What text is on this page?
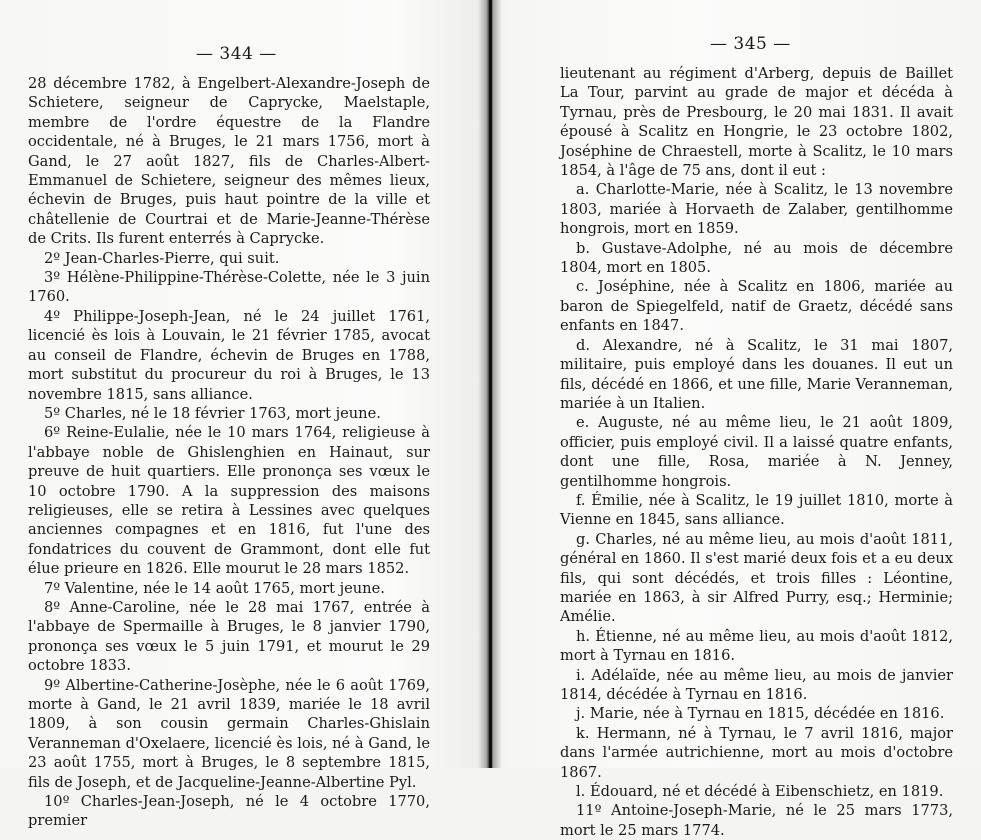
— 344 —

28 décembre 1782, à Engelbert-Alexandre-Joseph de Schietere, seigneur de Caprycke, Maelstaple, membre de l'ordre équestre de la Flandre occidentale, né à Bruges, le 21 mars 1756, mort à Gand, le 27 août 1827, fils de Charles-Albert-Emmanuel de Schietere, seigneur des mêmes lieux, échevin de Bruges, puis haut pointre de la ville et châtellenie de Courtrai et de Marie-Jeanne-Thérèse de Crits. Ils furent enterrés à Caprycke.

2º Jean-Charles-Pierre, qui suit.

3º Hélène-Philippine-Thérèse-Colette, née le 3 juin 1760.

4º Philippe-Joseph-Jean, né le 24 juillet 1761, licencié ès lois à Louvain, le 21 février 1785, avocat au conseil de Flandre, échevin de Bruges en 1788, mort substitut du procureur du roi à Bruges, le 13 novembre 1815, sans alliance.

5º Charles, né le 18 février 1763, mort jeune.

6º Reine-Eulalie, née le 10 mars 1764, religieuse à l'abbaye noble de Ghislenghien en Hainaut, sur preuve de huit quartiers. Elle prononça ses vœux le 10 octobre 1790. A la suppression des maisons religieuses, elle se retira à Lessines avec quelques anciennes compagnes et en 1816, fut l'une des fondatrices du couvent de Grammont, dont elle fut élue prieure en 1826. Elle mourut le 28 mars 1852.

7º Valentine, née le 14 août 1765, mort jeune.

8º Anne-Caroline, née le 28 mai 1767, entrée à l'abbaye de Spermaille à Bruges, le 8 janvier 1790, prononça ses vœux le 5 juin 1791, et mourut le 29 octobre 1833.

9º Albertine-Catherine-Josèphe, née le 6 août 1769, morte à Gand, le 21 avril 1839, mariée le 18 avril 1809, à son cousin germain Charles-Ghislain Veranneman d'Oxelaere, licencié ès lois, né à Gand, le 23 août 1755, mort à Bruges, le 8 septembre 1815, fils de Joseph, et de Jacqueline-Jeanne-Albertine Pyl.

10º Charles-Jean-Joseph, né le 4 octobre 1770, premier

— 345 —

lieutenant au régiment d'Arberg, depuis de Baillet La Tour, parvint au grade de major et décéda à Tyrnau, près de Presbourg, le 20 mai 1831. Il avait épousé à Scalitz en Hongrie, le 23 octobre 1802, Joséphine de Chraestell, morte à Scalitz, le 10 mars 1854, à l'âge de 75 ans, dont il eut :

a. Charlotte-Marie, née à Scalitz, le 13 novembre 1803, mariée à Horvaeth de Zalaber, gentilhomme hongrois, mort en 1859.

b. Gustave-Adolphe, né au mois de décembre 1804, mort en 1805.

c. Joséphine, née à Scalitz en 1806, mariée au baron de Spiegelfeld, natif de Graetz, décédé sans enfants en 1847.

d. Alexandre, né à Scalitz, le 31 mai 1807, militaire, puis employé dans les douanes. Il eut un fils, décédé en 1866, et une fille, Marie Veranneman, mariée à un Italien.

e. Auguste, né au même lieu, le 21 août 1809, officier, puis employé civil. Il a laissé quatre enfants, dont une fille, Rosa, mariée à N. Jenney, gentilhomme hongrois.

f. Émilie, née à Scalitz, le 19 juillet 1810, morte à Vienne en 1845, sans alliance.

g. Charles, né au même lieu, au mois d'août 1811, général en 1860. Il s'est marié deux fois et a eu deux fils, qui sont décédés, et trois filles : Léontine, mariée en 1863, à sir Alfred Purry, esq.; Herminie; Amélie.

h. Étienne, né au même lieu, au mois d'août 1812, mort à Tyrnau en 1816.

i. Adélaïde, née au même lieu, au mois de janvier 1814, décédée à Tyrnau en 1816.

j. Marie, née à Tyrnau en 1815, décédée en 1816.

k. Hermann, né à Tyrnau, le 7 avril 1816, major dans l'armée autrichienne, mort au mois d'octobre 1867.

l. Édouard, né et décédé à Eibenschietz, en 1819.

11º Antoine-Joseph-Marie, né le 25 mars 1773, mort le 25 mars 1774.
